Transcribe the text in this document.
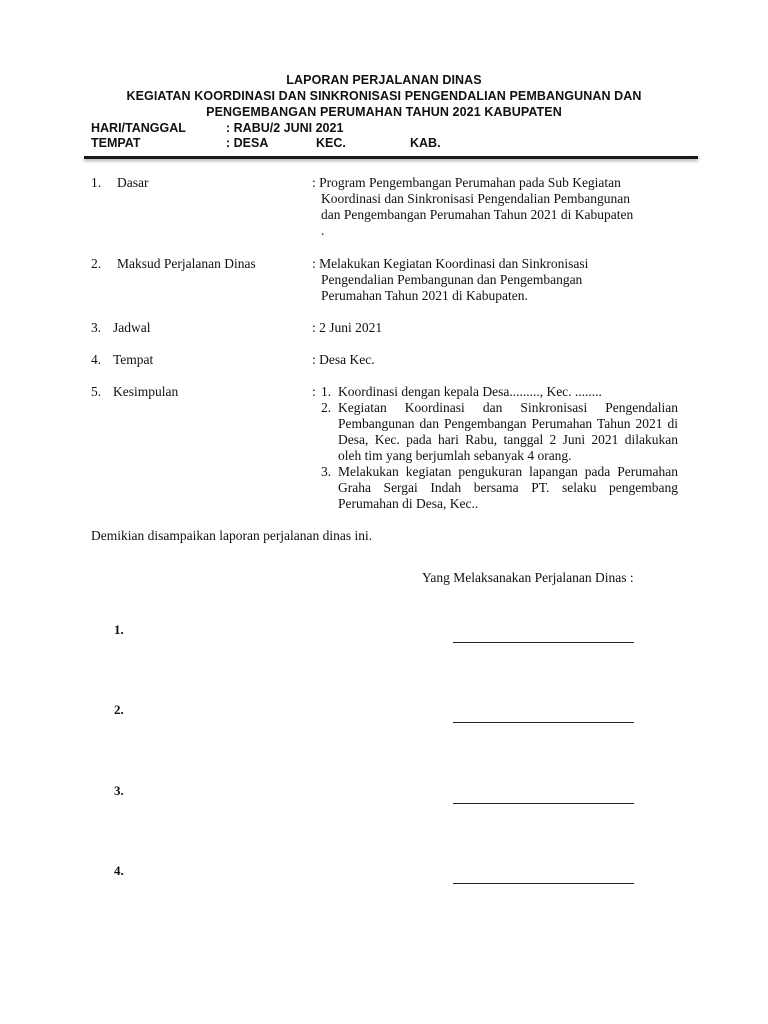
LAPORAN PERJALANAN DINAS
KEGIATAN KOORDINASI DAN SINKRONISASI PENGENDALIAN PEMBANGUNAN DAN
PENGEMBANGAN PERUMAHAN TAHUN 2021 KABUPATEN
HARI/TANGGAL	: RABU/2 JUNI 2021
TEMPAT	: DESA	KEC.	KAB.
1. Dasar	: Program Pengembangan Perumahan pada Sub Kegiatan
Koordinasi dan Sinkronisasi Pengendalian Pembangunan
dan Pengembangan Perumahan Tahun 2021 di Kabupaten
.
2. Maksud Perjalanan Dinas	: Melakukan Kegiatan Koordinasi dan Sinkronisasi
Pengendalian Pembangunan dan Pengembangan
Perumahan Tahun 2021 di Kabupaten.
3. Jadwal	: 2 Juni 2021
4. Tempat	: Desa Kec.
5. Kesimpulan	: 1. Koordinasi dengan kepala Desa........., Kec. ........
2. Kegiatan Koordinasi dan Sinkronisasi Pengendalian Pembangunan dan Pengembangan Perumahan Tahun 2021 di Desa, Kec. pada hari Rabu, tanggal 2 Juni 2021 dilakukan oleh tim yang berjumlah sebanyak 4 orang.
3. Melakukan kegiatan pengukuran lapangan pada Perumahan Graha Sergai Indah bersama PT. selaku pengembang Perumahan di Desa, Kec..
Demikian disampaikan laporan perjalanan dinas ini.
Yang Melaksanakan Perjalanan Dinas :
1.
2.
3.
4.
